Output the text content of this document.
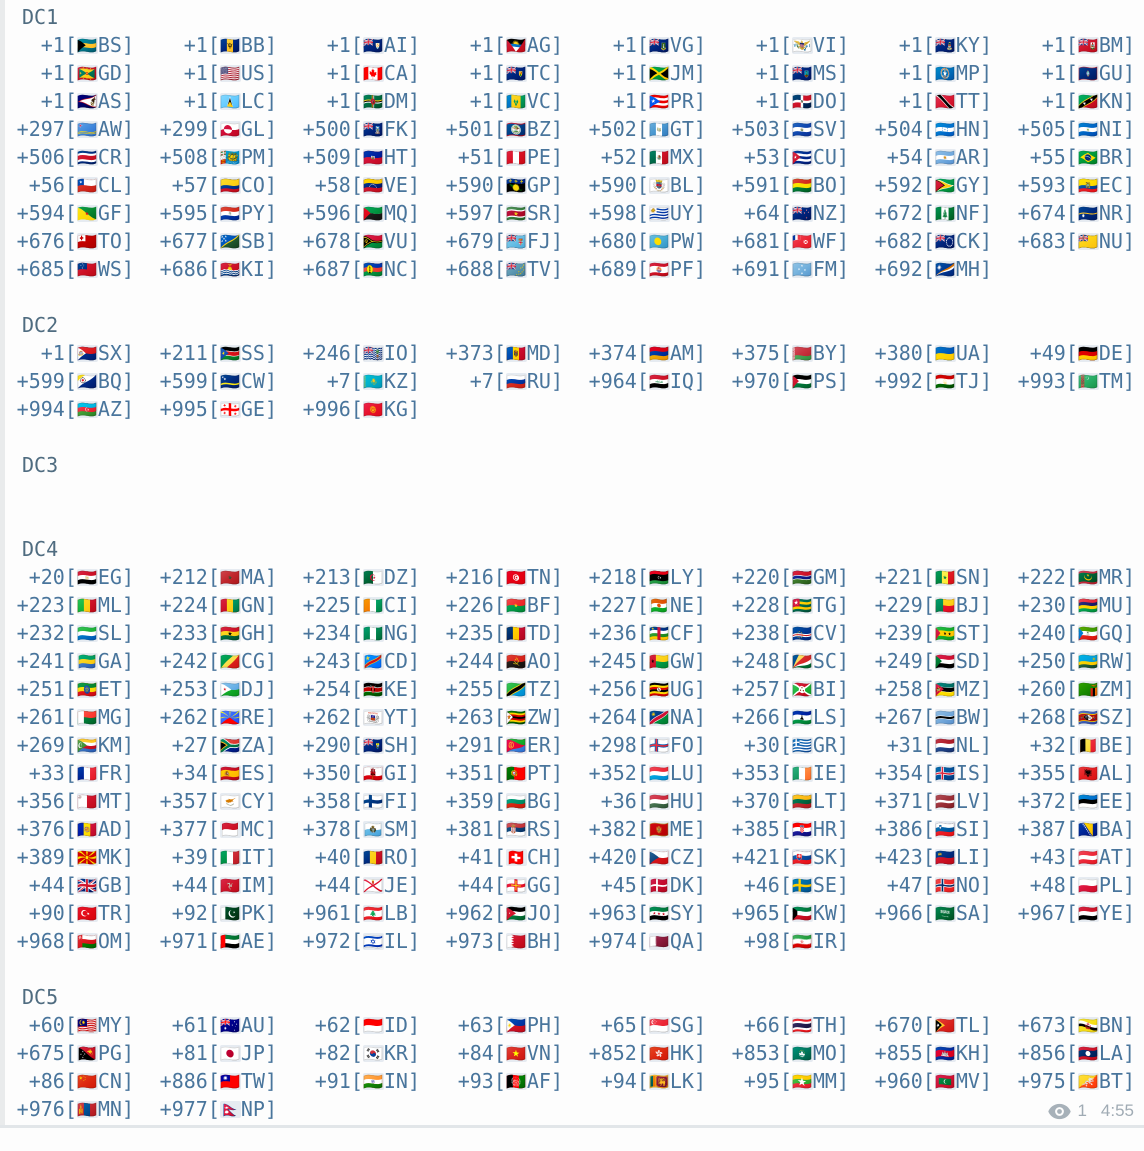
DC1
+1[🇧🇸BS]	+1[🇧🇧BB]	+1[🇦🇮AI]	+1[🇦🇬AG]	+1[🇻🇬VG]	+1[🇻🇮VI]	+1[🇰🇾KY]	+1[🇧🇲BM]
+1[🇬🇩GD]	+1[🇺🇸US]	+1[🇨🇦CA]	+1[🇹🇨TC]	+1[🇯🇲JM]	+1[🇲🇸MS]	+1[🇲🇵MP]	+1[🇬🇺GU]
+1[🇦🇸AS]	+1[🇱🇨LC]	+1[🇩🇲DM]	+1[🇻🇨VC]	+1[🇵🇷PR]	+1[🇩🇴DO]	+1[🇹🇹TT]	+1[🇰🇳KN]
+297[🇦🇼AW]	+299[🇬🇱GL]	+500[🇫🇰FK]	+501[🇧🇿BZ]	+502[🇬🇹GT]	+503[🇸🇻SV]	+504[🇭🇳HN]	+505[🇳🇮NI]
+506[🇨🇷CR]	+508[🇵🇲PM]	+509[🇭🇹HT]	+51[🇵🇪PE]	+52[🇲🇽MX]	+53[🇨🇺CU]	+54[🇦🇷AR]	+55[🇧🇷BR]
+56[🇨🇱CL]	+57[🇨🇴CO]	+58[🇻🇪VE]	+590[🇬🇵GP]	+590[🇧🇱BL]	+591[🇧🇴BO]	+592[🇬🇾GY]	+593[🇪🇨EC]
+594[🇬🇫GF]	+595[🇵🇾PY]	+596[🇲🇶MQ]	+597[🇸🇷SR]	+598[🇺🇾UY]	+64[🇳🇿NZ]	+672[🇳🇫NF]	+674[🇳🇷NR]
+676[🇹🇴TO]	+677[🇸🇧SB]	+678[🇻🇺VU]	+679[🇫🇯FJ]	+680[🇵🇼PW]	+681[🇼🇫WF]	+682[🇨🇰CK]	+683[🇳🇺NU]
+685[🇼🇸WS]	+686[🇰🇮KI]	+687[🇳🇨NC]	+688[🇹🇻TV]	+689[🇵🇫PF]	+691[🇫🇲FM]	+692[🇲🇭MH]
DC2
+1[🇸🇽SX]	+211[🇸🇸SS]	+246[🇮🇴IO]	+373[🇲🇩MD]	+374[🇦🇲AM]	+375[🇧🇾BY]	+380[🇺🇦UA]	+49[🇩🇪DE]
+599[🇧🇶BQ]	+599[🇨🇼CW]	+7[🇰🇿KZ]	+7[🇷🇺RU]	+964[🇮🇶IQ]	+970[🇵🇸PS]	+992[🇹🇯TJ]	+993[🇹🇲TM]
+994[🇦🇿AZ]	+995[🇬🇪GE]	+996[🇰🇬KG]
DC3
DC4
+20[🇪🇬EG]	+212[🇲🇦MA]	+213[🇩🇿DZ]	+216[🇹🇳TN]	+218[🇱🇾LY]	+220[🇬🇲GM]	+221[🇸🇳SN]	+222[🇲🇷MR]
+223[🇲🇱ML]	+224[🇬🇳GN]	+225[🇨🇮CI]	+226[🇧🇫BF]	+227[🇳🇪NE]	+228[🇹🇬TG]	+229[🇧🇯BJ]	+230[🇲🇺MU]
+232[🇸🇱SL]	+233[🇬🇭GH]	+234[🇳🇬NG]	+235[🇹🇩TD]	+236[🇨🇫CF]	+238[🇨🇻CV]	+239[🇸🇹ST]	+240[🇬🇶GQ]
+241[🇬🇦GA]	+242[🇨🇬CG]	+243[🇨🇩CD]	+244[🇦🇴AO]	+245[🇬🇼GW]	+248[🇸🇨SC]	+249[🇸🇩SD]	+250[🇷🇼RW]
+251[🇪🇹ET]	+253[🇩🇯DJ]	+254[🇰🇪KE]	+255[🇹🇿TZ]	+256[🇺🇬UG]	+257[🇧🇮BI]	+258[🇲🇿MZ]	+260[🇿🇲ZM]
+261[🇲🇬MG]	+262[🇷🇪RE]	+262[🇾🇹YT]	+263[🇿🇼ZW]	+264[🇳🇦NA]	+266[🇱🇸LS]	+267[🇧🇼BW]	+268[🇸🇿SZ]
+269[🇰🇲KM]	+27[🇿🇦ZA]	+290[🇸🇭SH]	+291[🇪🇷ER]	+298[🇫🇴FO]	+30[🇬🇷GR]	+31[🇳🇱NL]	+32[🇧🇪BE]
+33[🇫🇷FR]	+34[🇪🇸ES]	+350[🇬🇮GI]	+351[🇵🇹PT]	+352[🇱🇺LU]	+353[🇮🇪IE]	+354[🇮🇸IS]	+355[🇦🇱AL]
+356[🇲🇹MT]	+357[🇨🇾CY]	+358[🇫🇮FI]	+359[🇧🇬BG]	+36[🇭🇺HU]	+370[🇱🇹LT]	+371[🇱🇻LV]	+372[🇪🇪EE]
+376[🇦🇩AD]	+377[🇲🇨MC]	+378[🇸🇲SM]	+381[🇷🇸RS]	+382[🇲🇪ME]	+385[🇭🇷HR]	+386[🇸🇮SI]	+387[🇧🇦BA]
+389[🇲🇰MK]	+39[🇮🇹IT]	+40[🇷🇴RO]	+41[🇨🇭CH]	+420[🇨🇿CZ]	+421[🇸🇰SK]	+423[🇱🇮LI]	+43[🇦🇹AT]
+44[🇬🇧GB]	+44[🇮🇲IM]	+44[🇯🇪JE]	+44[🇬🇬GG]	+45[🇩🇰DK]	+46[🇸🇪SE]	+47[🇳🇴NO]	+48[🇵🇱PL]
+90[🇹🇷TR]	+92[🇵🇰PK]	+961[🇱🇧LB]	+962[🇯🇴JO]	+963[🇸🇾SY]	+965[🇰🇼KW]	+966[🇸🇦SA]	+967[🇾🇪YE]
+968[🇴🇲OM]	+971[🇦🇪AE]	+972[🇮🇱IL]	+973[🇧🇭BH]	+974[🇶🇦QA]	+98[🇮🇷IR]
DC5
+60[🇲🇾MY]	+61[🇦🇺AU]	+62[🇮🇩ID]	+63[🇵🇭PH]	+65[🇸🇬SG]	+66[🇹🇭TH]	+670[🇹🇱TL]	+673[🇧🇳BN]
+675[🇵🇬PG]	+81[🇯🇵JP]	+82[🇰🇷KR]	+84[🇻🇳VN]	+852[🇭🇰HK]	+853[🇲🇴MO]	+855[🇰🇭KH]	+856[🇱🇦LA]
+86[🇨🇳CN]	+886[🇹🇼TW]	+91[🇮🇳IN]	+93[🇦🇫AF]	+94[🇱🇰LK]	+95[🇲🇲MM]	+960[🇲🇻MV]	+975[🇧🇹BT]
+976[🇲🇳MN]	+977[🇳🇵NP]	1 4:55
